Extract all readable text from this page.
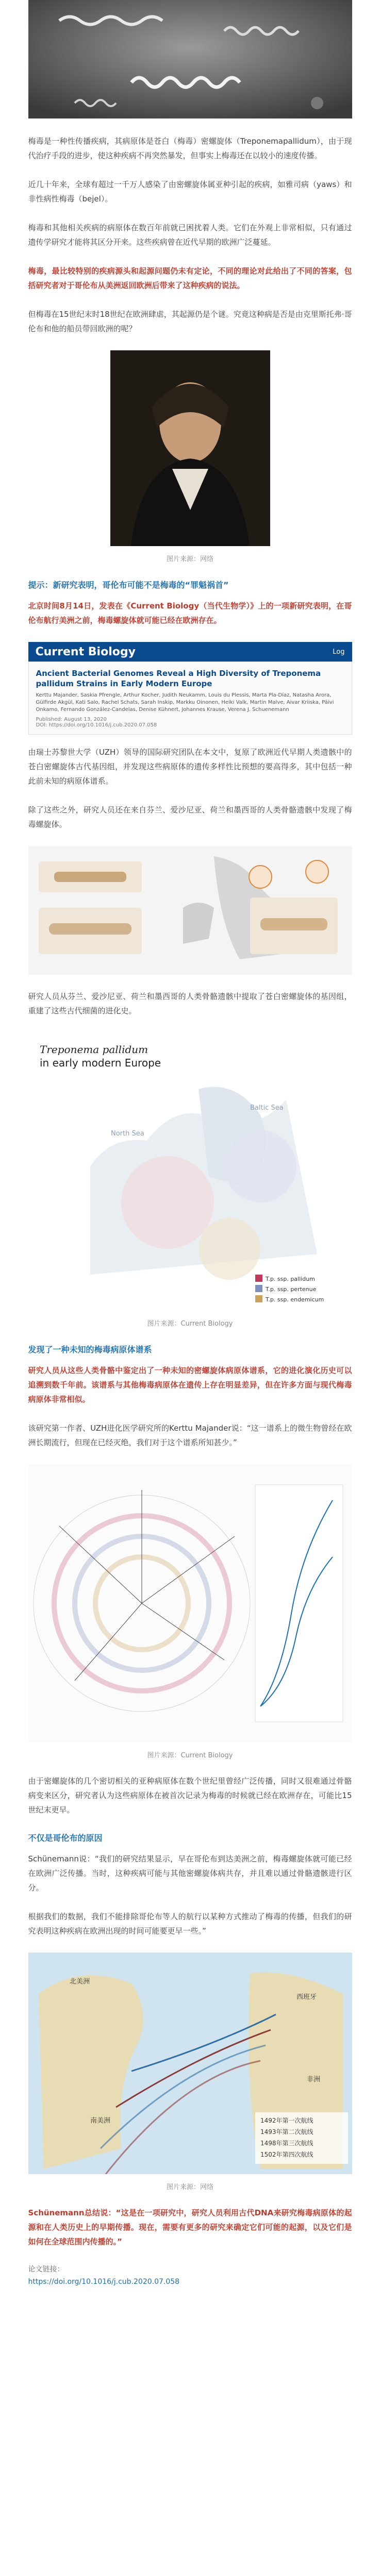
梅毒是一种性传播疾病，其病原体是苍白（梅毒）密螺旋体（Treponemapallidum），由于现代治疗手段的进步，使这种疾病不再突然暴发，但事实上梅毒还在以较小的速度传播。

近几十年来，全球有超过一千万人感染了由密螺旋体属亚种引起的疾病，如雅司病（yaws）和非性病性梅毒（bejel）。

梅毒和其他相关疾病的病原体在数百年前就已困扰着人类。它们在外观上非常相似，只有通过遗传学研究才能将其区分开来。这些疾病曾在近代早期的欧洲广泛蔓延。

梅毒，最比较特别的疾病源头和起源问题仍未有定论，不同的理论对此给出了不同的答案，包括研究者对于哥伦布从美洲返回欧洲后带来了这种疾病的说法。

但梅毒在15世纪末时18世纪在欧洲肆虐，其起源仍是个谜。究竟这种病是否是由克里斯托弗·哥伦布和他的船员带回欧洲的呢？

图片来源：网络
提示：新研究表明，哥伦布可能不是梅毒的“罪魁祸首”

北京时间8月14日，发表在《Current Biology（当代生物学）》上的一项新研究表明，在哥伦布航行美洲之前，梅毒螺旋体就可能已经在欧洲存在。

Current Biology	Log
Ancient Bacterial Genomes Reveal a High Diversity of Treponema pallidum Strains in Early Modern Europe
Kerttu Majander, Saskia Pfrengle, Arthur Kocher, Judith Neukamm, Louis du Plessis, Marta Pla-Díaz, Natasha Arora, Gülfirde Akgül, Kati Salo, Rachel Schats, Sarah Inskip, Markku Oinonen, Heiki Valk, Martin Malve, Aivar Kriiska, Päivi Onkamo, Fernando González-Candelas, Denise Kühnert, Johannes Krause, Verena J. Schuenemann
Published: August 13, 2020
DOI: https://doi.org/10.1016/j.cub.2020.07.058

由瑞士苏黎世大学（UZH）领导的国际研究团队在本文中，复原了欧洲近代早期人类遗骸中的苍白密螺旋体古代基因组，并发现这些病原体的遗传多样性比预想的要高得多，其中包括一种此前未知的病原体谱系。

除了这些之外，研究人员还在来自芬兰、爱沙尼亚、荷兰和墨西哥的人类骨骼遗骸中发现了梅毒螺旋体。

研究人员从芬兰、爱沙尼亚、荷兰和墨西哥的人类骨骼遗骸中提取了苍白密螺旋体的基因组，重建了这些古代细菌的进化史。

Treponema pallidum
in early modern Europe
North Sea
Baltic Sea
T.p. ssp. pallidum
T.p. ssp. pertenue
T.p. ssp. endemicum
图片来源：Current Biology
发现了一种未知的梅毒病原体谱系

研究人员从这些人类骨骼中鉴定出了一种未知的密螺旋体病原体谱系，它的进化演化历史可以追溯到数千年前。该谱系与其他梅毒病原体在遗传上存在明显差异，但在许多方面与现代梅毒病原体非常相似。

该研究第一作者、UZH进化医学研究所的Kerttu Majander说：“这一谱系上的微生物曾经在欧洲长期流行，但现在已经灭绝，我们对于这个谱系所知甚少。”

图片来源：Current Biology

由于密螺旋体的几个密切相关的亚种病原体在数个世纪里曾经广泛传播，同时又很难通过骨骼病变来区分，研究者认为这些病原体在被首次记录为梅毒的时候就已经在欧洲存在，可能比15世纪末更早。

不仅是哥伦布的原因

Schünemann说：“我们的研究结果显示，早在哥伦布到达美洲之前，梅毒螺旋体就可能已经在欧洲广泛传播。当时，这种疾病可能与其他密螺旋体病共存，并且难以通过骨骼遗骸进行区分。

根据我们的数据，我们不能排除哥伦布等人的航行以某种方式推动了梅毒的传播，但我们的研究表明这种疾病在欧洲出现的时间可能要更早一些。”

西班牙
北美洲
南美洲
非洲
1492年第一次航线
1493年第二次航线
1498年第三次航线
1502年第四次航线
图片来源：网络

Schünemann总结说：“这是在一项研究中，研究人员利用古代DNA来研究梅毒病原体的起源和在人类历史上的早期传播。现在，需要有更多的研究来确定它们可能的起源，以及它们是如何在全球范围内传播的。”

论文链接：
https://doi.org/10.1016/j.cub.2020.07.058
